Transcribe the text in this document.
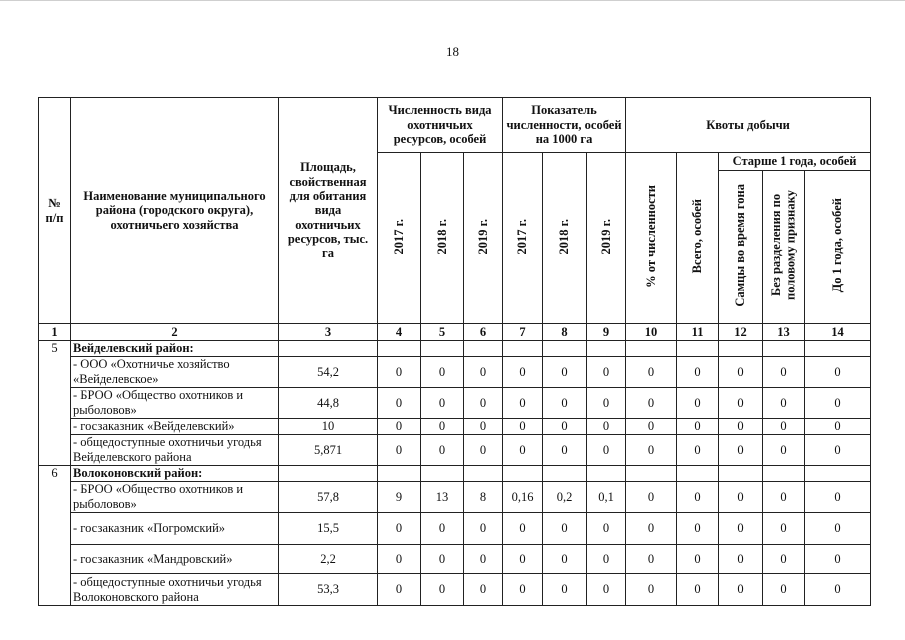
18
№
п/п	Наименование муниципального района (городского округа), охотничьего хозяйства	Площадь, свойственная для обитания вида охотничьих ресурсов, тыс. га	Численность вида охотничьих ресурсов, особей			Показатель численности, особей на 1000 га			Квоты добычи				
			2017 г.	2018 г.	2019 г.	2017 г.	2018 г.	2019 г.	% от численности	Всего, особей	Старше 1 года, особей		
											Самцы во время гона	Без разделения по половому признаку	До 1 года, особей
1	2	3	4	5	6	7	8	9	10	11	12	13	14
5	Вейделевский район:												
	- ООО «Охотничье хозяйство «Вейделевское»	54,2	0	0	0	0	0	0	0	0	0	0	0
	- БРОО «Общество охотников и рыболовов»	44,8	0	0	0	0	0	0	0	0	0	0	0
	- госзаказник «Вейделевский»	10	0	0	0	0	0	0	0	0	0	0	0
	- общедоступные охотничьи угодья Вейделевского района	5,871	0	0	0	0	0	0	0	0	0	0	0
6	Волоконовский район:												
	- БРОО «Общество охотников и рыболовов»	57,8	9	13	8	0,16	0,2	0,1	0	0	0	0	0
	- госзаказник «Погромский»	15,5	0	0	0	0	0	0	0	0	0	0	0
	- госзаказник «Мандровский»	2,2	0	0	0	0	0	0	0	0	0	0	0
	- общедоступные охотничьи угодья Волоконовского района	53,3	0	0	0	0	0	0	0	0	0	0	0
